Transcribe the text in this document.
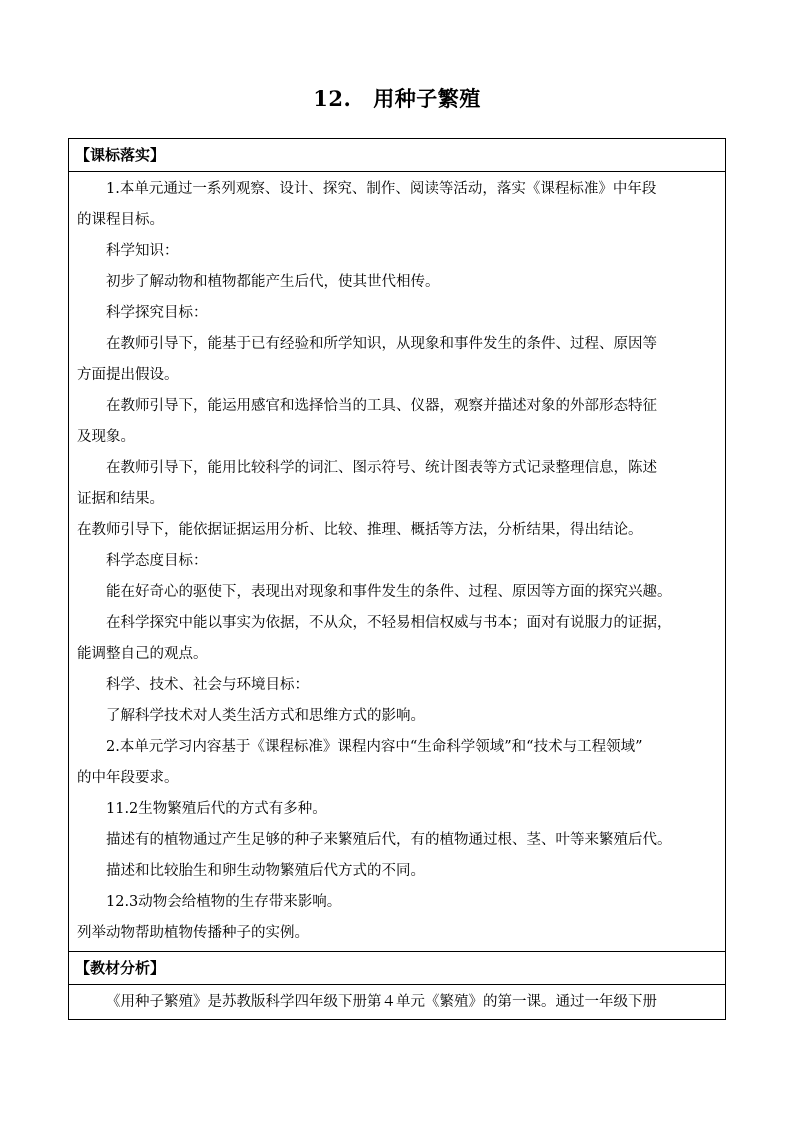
12. 用种子繁殖
【课标落实】

1.本单元通过一系列观察、设计、探究、制作、阅读等活动，落实《课程标准》中年段
的课程目标。
科学知识：
初步了解动物和植物都能产生后代，使其世代相传。
科学探究目标：
在教师引导下，能基于已有经验和所学知识，从现象和事件发生的条件、过程、原因等
方面提出假设。
在教师引导下，能运用感官和选择恰当的工具、仪器，观察并描述对象的外部形态特征
及现象。
在教师引导下，能用比较科学的词汇、图示符号、统计图表等方式记录整理信息，陈述
证据和结果。
在教师引导下，能依据证据运用分析、比较、推理、概括等方法，分析结果，得出结论。
科学态度目标：
能在好奇心的驱使下，表现出对现象和事件发生的条件、过程、原因等方面的探究兴趣。
在科学探究中能以事实为依据，不从众，不轻易相信权威与书本；面对有说服力的证据，
能调整自己的观点。
科学、技术、社会与环境目标：
了解科学技术对人类生活方式和思维方式的影响。
2.本单元学习内容基于《课程标准》课程内容中“生命科学领域”和“技术与工程领域”
的中年段要求。
11.2生物繁殖后代的方式有多种。
描述有的植物通过产生足够的种子来繁殖后代，有的植物通过根、茎、叶等来繁殖后代。
描述和比较胎生和卵生动物繁殖后代方式的不同。
12.3动物会给植物的生存带来影响。
列举动物帮助植物传播种子的实例。

【教材分析】

《用种子繁殖》是苏教版科学四年级下册第４单元《繁殖》的第一课。通过一年级下册
